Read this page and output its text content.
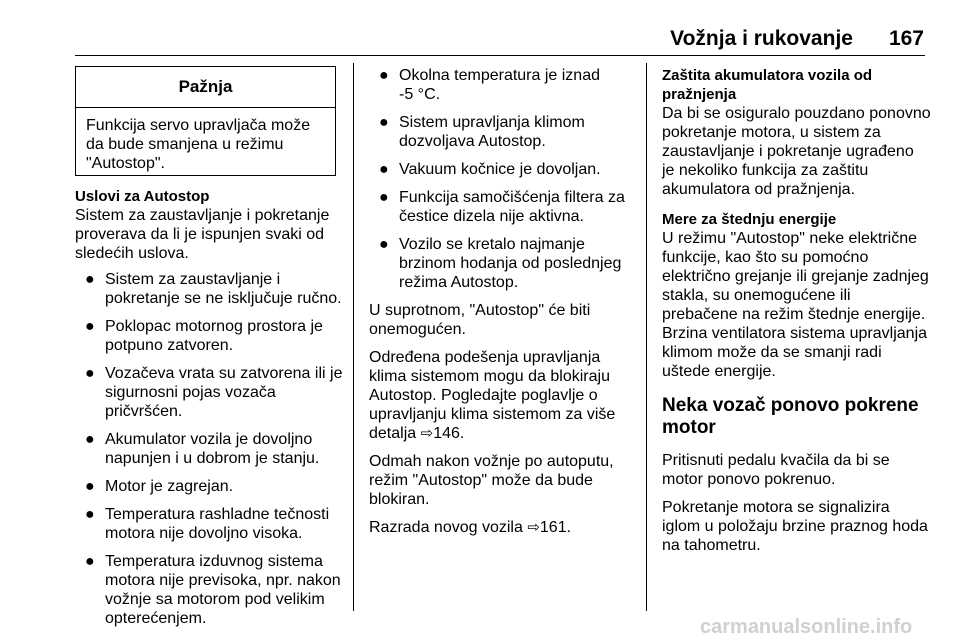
Vožnja i rukovanje 167
Pažnja
Funkcija servo upravljača može
da bude smanjena u režimu
"Autostop".
Uslovi za Autostop
Sistem za zaustavljanje i pokretanje
proverava da li je ispunjen svaki od
sledećih uslova.
● Sistem za zaustavljanje i
pokretanje se ne isključuje ručno.
● Poklopac motornog prostora je
potpuno zatvoren.
● Vozačeva vrata su zatvorena ili je
sigurnosni pojas vozača
pričvršćen.
● Akumulator vozila je dovoljno
napunjen i u dobrom je stanju.
● Motor je zagrejan.
● Temperatura rashladne tečnosti
motora nije dovoljno visoka.
● Temperatura izduvnog sistema
motora nije previsoka, npr. nakon
vožnje sa motorom pod velikim
opterećenjem.
● Okolna temperatura je iznad
-5 °C.
● Sistem upravljanja klimom
dozvoljava Autostop.
● Vakuum kočnice je dovoljan.
● Funkcija samočišćenja filtera za
čestice dizela nije aktivna.
● Vozilo se kretalo najmanje
brzinom hodanja od poslednjeg
režima Autostop.
U suprotnom, "Autostop" će biti
onemogućen.
Određena podešenja upravljanja
klima sistemom mogu da blokiraju
Autostop. Pogledajte poglavlje o
upravljanju klima sistemom za više
detalja ⇨146.
Odmah nakon vožnje po autoputu,
režim "Autostop" može da bude
blokiran.
Razrada novog vozila ⇨161.
Zaštita akumulatora vozila od
pražnjenja
Da bi se osiguralo pouzdano ponovno
pokretanje motora, u sistem za
zaustavljanje i pokretanje ugrađeno
je nekoliko funkcija za zaštitu
akumulatora od pražnjenja.
Mere za štednju energije
U režimu "Autostop" neke električne
funkcije, kao što su pomoćno
električno grejanje ili grejanje zadnjeg
stakla, su onemogućene ili
prebačene na režim štednje energije.
Brzina ventilatora sistema upravljanja
klimom može da se smanji radi
uštede energije.
Neka vozač ponovo pokrene
motor
Pritisnuti pedalu kvačila da bi se
motor ponovo pokrenuo.
Pokretanje motora se signalizira
iglom u položaju brzine praznog hoda
na tahometru.
carmanualsonline.info
